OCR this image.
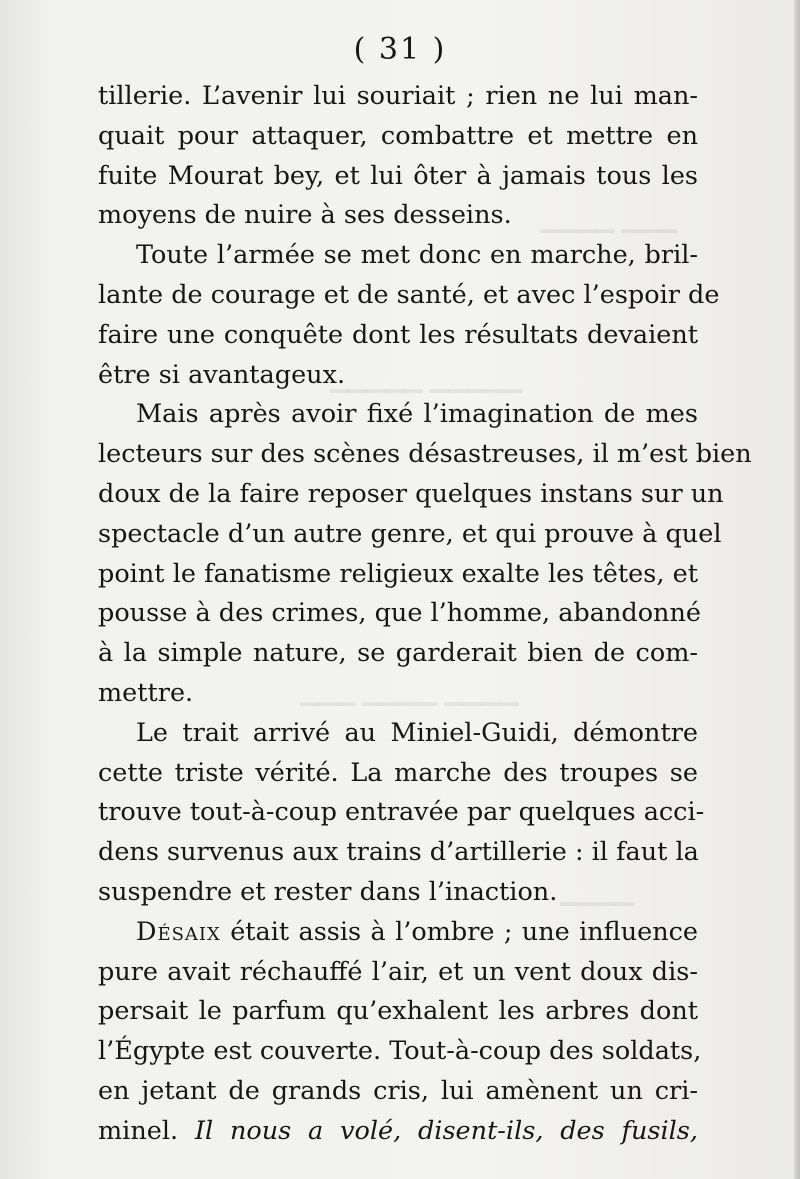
▁▁▁ ▁▁▁▁
▁▁▁▁▁ ▁▁▁▁▁
▁▁▁▁ ▁▁▁▁ ▁▁▁
▁▁▁▁
( 31 )
tillerie. L’avenir lui souriait ; rien ne lui man-
quait pour attaquer, combattre et mettre en
fuite Mourat bey, et lui ôter à jamais tous les
moyens de nuire à ses desseins.
Toute l’armée se met donc en marche, bril-
lante de courage et de santé, et avec l’espoir de
faire une conquête dont les résultats devaient
être si avantageux.
Mais après avoir fixé l’imagination de mes
lecteurs sur des scènes désastreuses, il m’est bien
doux de la faire reposer quelques instans sur un
spectacle d’un autre genre, et qui prouve à quel
point le fanatisme religieux exalte les têtes, et
pousse à des crimes, que l’homme, abandonné
à la simple nature, se garderait bien de com-
mettre.
Le trait arrivé au Miniel-Guidi, démontre
cette triste vérité. La marche des troupes se
trouve tout-à-coup entravée par quelques acci-
dens survenus aux trains d’artillerie : il faut la
suspendre et rester dans l’inaction.
Désaix était assis à l’ombre ; une influence
pure avait réchauffé l’air, et un vent doux dis-
persait le parfum qu’exhalent les arbres dont
l’Égypte est couverte. Tout-à-coup des soldats,
en jetant de grands cris, lui amènent un cri-
minel. Il nous a volé, disent-ils, des fusils,
